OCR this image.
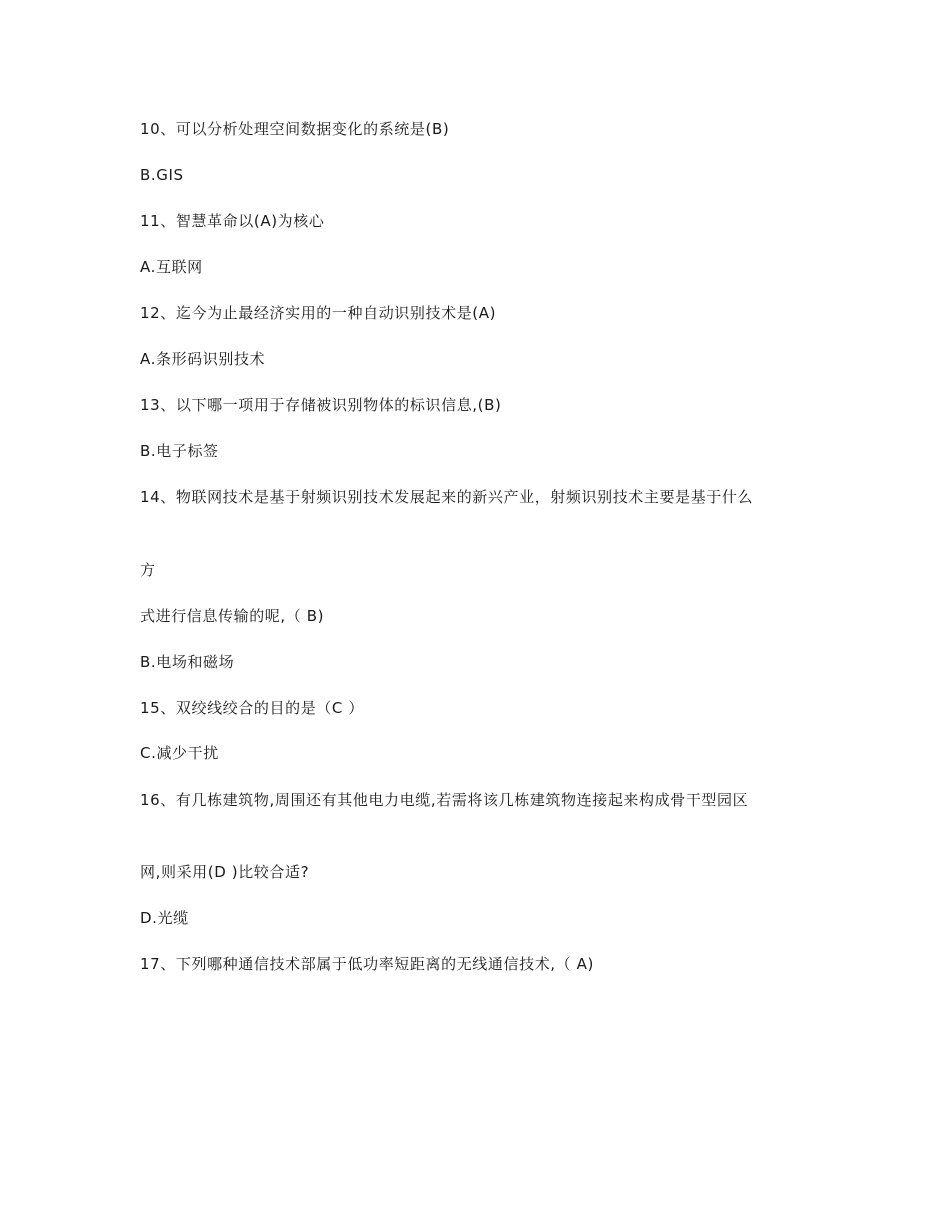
10、可以分析处理空间数据变化的系统是(B)
B.GIS
11、智慧革命以(A)为核心
A.互联网
12、迄今为止最经济实用的一种自动识别技术是(A)
A.条形码识别技术
13、以下哪一项用于存储被识别物体的标识信息,(B)
B.电子标签
14、物联网技术是基于射频识别技术发展起来的新兴产业，射频识别技术主要是基于什么
方
式进行信息传输的呢,（ B)
B.电场和磁场
15、双绞线绞合的目的是（C ）
C.减少干扰
16、有几栋建筑物,周围还有其他电力电缆,若需将该几栋建筑物连接起来构成骨干型园区
网,则采用(D )比较合适?
D.光缆
17、下列哪种通信技术部属于低功率短距离的无线通信技术,（ A)
